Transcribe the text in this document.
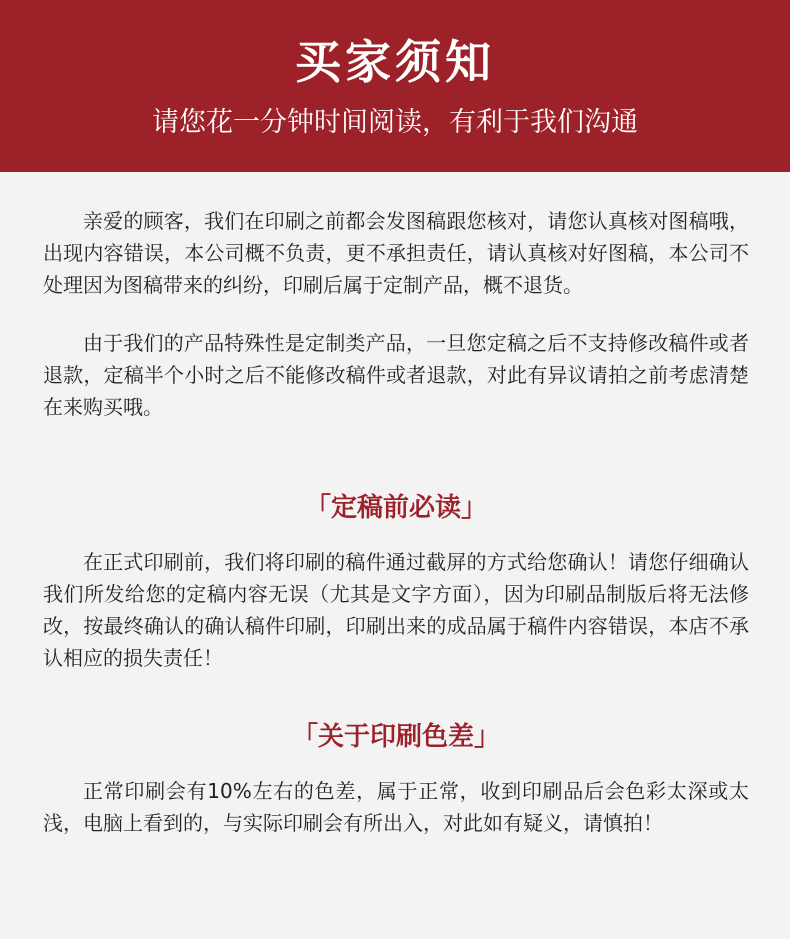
买家须知
请您花一分钟时间阅读，有利于我们沟通

亲爱的顾客，我们在印刷之前都会发图稿跟您核对，请您认真核对图稿哦，出现内容错误，本公司概不负责，更不承担责任，请认真核对好图稿，本公司不处理因为图稿带来的纠纷，印刷后属于定制产品，概不退货。

由于我们的产品特殊性是定制类产品，一旦您定稿之后不支持修改稿件或者退款，定稿半个小时之后不能修改稿件或者退款，对此有异议请拍之前考虑清楚在来购买哦。

「定稿前必读」

在正式印刷前，我们将印刷的稿件通过截屏的方式给您确认！请您仔细确认我们所发给您的定稿内容无误（尤其是文字方面），因为印刷品制版后将无法修改，按最终确认的确认稿件印刷，印刷出来的成品属于稿件内容错误，本店不承认相应的损失责任！

「关于印刷色差」

正常印刷会有10%左右的色差，属于正常，收到印刷品后会色彩太深或太浅，电脑上看到的，与实际印刷会有所出入，对此如有疑义，请慎拍！
